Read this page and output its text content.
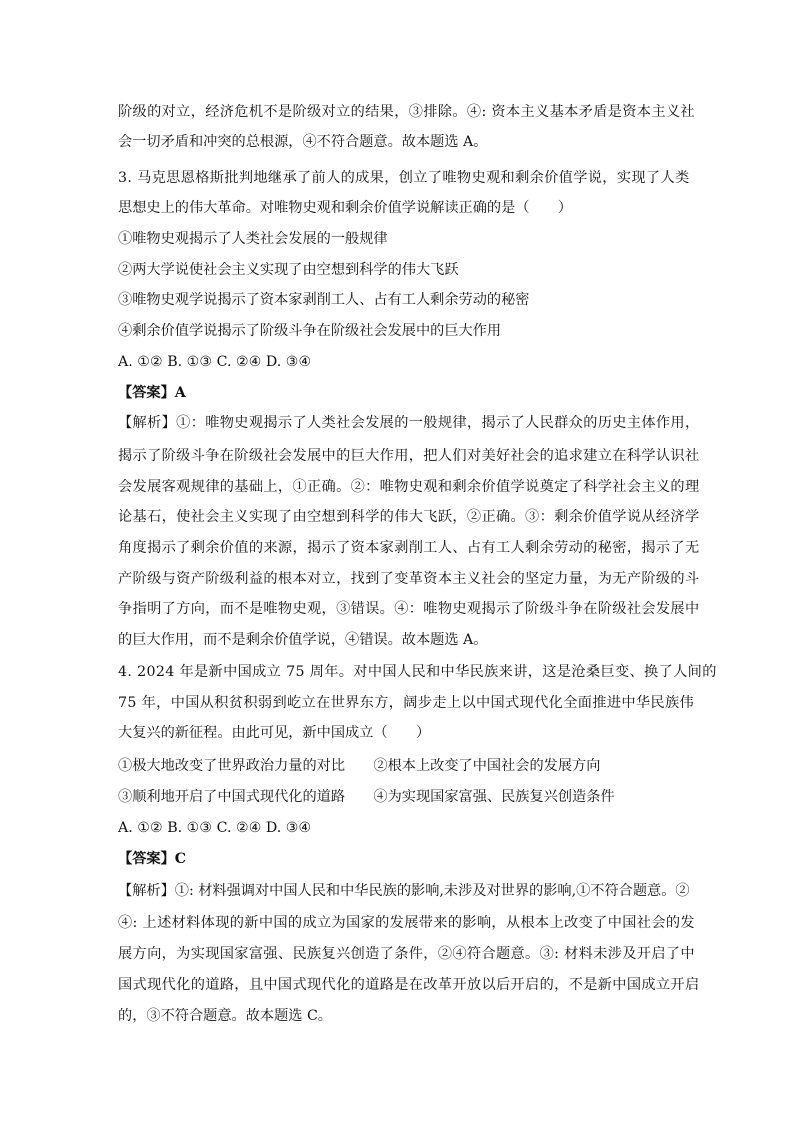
阶级的对立，经济危机不是阶级对立的结果，③排除。④: 资本主义基本矛盾是资本主义社
会一切矛盾和冲突的总根源，④不符合题意。故本题选 A。
3. 马克思恩格斯批判地继承了前人的成果，创立了唯物史观和剩余价值学说，实现了人类
思想史上的伟大革命。对唯物史观和剩余价值学说解读正确的是（　　）
①唯物史观揭示了人类社会发展的一般规律
②两大学说使社会主义实现了由空想到科学的伟大飞跃
③唯物史观学说揭示了资本家剥削工人、占有工人剩余劳动的秘密
④剩余价值学说揭示了阶级斗争在阶级社会发展中的巨大作用
A. ①② B. ①③ C. ②④ D. ③④
【答案】A
【解析】①：唯物史观揭示了人类社会发展的一般规律，揭示了人民群众的历史主体作用，
揭示了阶级斗争在阶级社会发展中的巨大作用，把人们对美好社会的追求建立在科学认识社
会发展客观规律的基础上，①正确。②：唯物史观和剩余价值学说奠定了科学社会主义的理
论基石，使社会主义实现了由空想到科学的伟大飞跃，②正确。③：剩余价值学说从经济学
角度揭示了剩余价值的来源，揭示了资本家剥削工人、占有工人剩余劳动的秘密，揭示了无
产阶级与资产阶级利益的根本对立，找到了变革资本主义社会的坚定力量，为无产阶级的斗
争指明了方向，而不是唯物史观，③错误。④：唯物史观揭示了阶级斗争在阶级社会发展中
的巨大作用，而不是剩余价值学说，④错误。故本题选 A。
4. 2024 年是新中国成立 75 周年。对中国人民和中华民族来讲，这是沧桑巨变、换了人间的
75 年，中国从积贫积弱到屹立在世界东方，阔步走上以中国式现代化全面推进中华民族伟
大复兴的新征程。由此可见，新中国成立（　　）
①极大地改变了世界政治力量的对比　　②根本上改变了中国社会的发展方向
③顺利地开启了中国式现代化的道路　　④为实现国家富强、民族复兴创造条件
A. ①② B. ①③ C. ②④ D. ③④
【答案】C
【解析】①: 材料强调对中国人民和中华民族的影响,未涉及对世界的影响,①不符合题意。②
④: 上述材料体现的新中国的成立为国家的发展带来的影响，从根本上改变了中国社会的发
展方向，为实现国家富强、民族复兴创造了条件，②④符合题意。③: 材料未涉及开启了中
国式现代化的道路，且中国式现代化的道路是在改革开放以后开启的，不是新中国成立开启
的，③不符合题意。故本题选 C。
